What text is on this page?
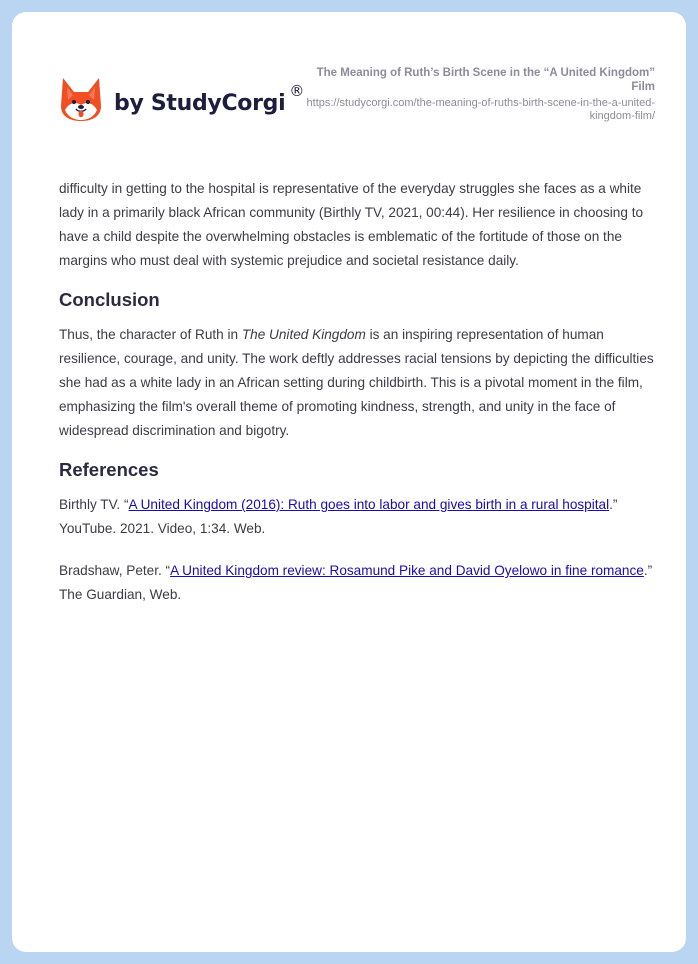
by StudyCorgi ®
The Meaning of Ruth’s Birth Scene in the “A United Kingdom” Film
https://studycorgi.com/the-meaning-of-ruths-birth-scene-in-the-a-united-kingdom-film/

difficulty in getting to the hospital is representative of the everyday struggles she faces as a white lady in a primarily black African community (Birthly TV, 2021, 00:44). Her resilience in choosing to have a child despite the overwhelming obstacles is emblematic of the fortitude of those on the margins who must deal with systemic prejudice and societal resistance daily.

Conclusion

Thus, the character of Ruth in The United Kingdom is an inspiring representation of human resilience, courage, and unity. The work deftly addresses racial tensions by depicting the difficulties she had as a white lady in an African setting during childbirth. This is a pivotal moment in the film, emphasizing the film's overall theme of promoting kindness, strength, and unity in the face of widespread discrimination and bigotry.

References

Birthly TV. “A United Kingdom (2016): Ruth goes into labor and gives birth in a rural hospital.” YouTube. 2021. Video, 1:34. Web.

Bradshaw, Peter. “A United Kingdom review: Rosamund Pike and David Oyelowo in fine romance.” The Guardian, Web.
